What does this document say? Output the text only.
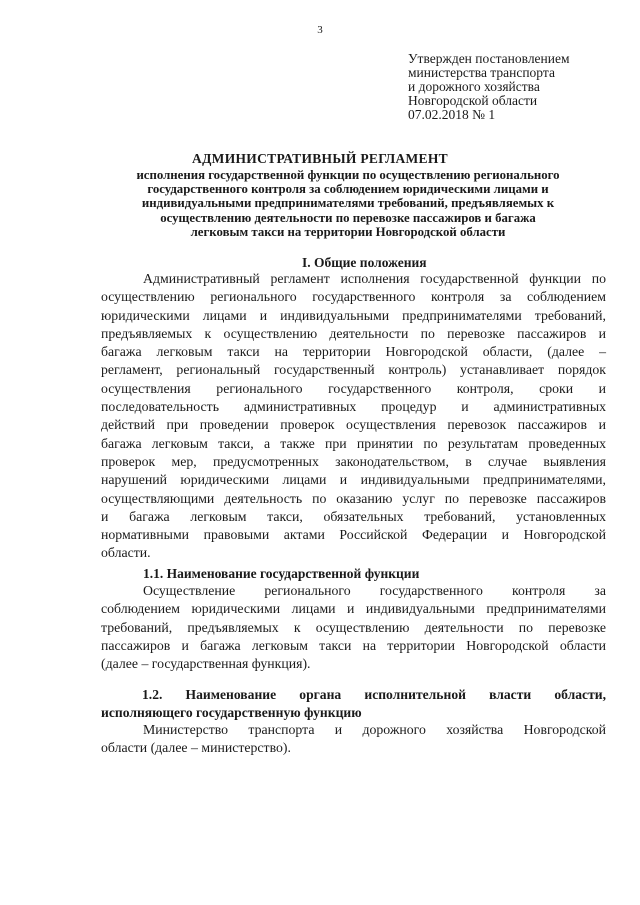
3
Утвержден постановлением
министерства транспорта
и дорожного хозяйства
Новгородской области
07.02.2018 № 1
АДМИНИСТРАТИВНЫЙ РЕГЛАМЕНТ
исполнения государственной функции по осуществлению регионального
государственного контроля за соблюдением юридическими лицами и
индивидуальными предпринимателями требований, предъявляемых к
осуществлению деятельности по перевозке пассажиров и багажа
легковым такси на территории Новгородской области
I. Общие положения
Административный регламент исполнения государственной функции по
осуществлению регионального государственного контроля за соблюдением
юридическими лицами и индивидуальными предпринимателями требований,
предъявляемых к осуществлению деятельности по перевозке пассажиров и
багажа легковым такси на территории Новгородской области, (далее –
регламент, региональный государственный контроль) устанавливает порядок
осуществления регионального государственного контроля, сроки и
последовательность административных процедур и административных
действий при проведении проверок осуществления перевозок пассажиров и
багажа легковым такси, а также при принятии по результатам проведенных
проверок мер, предусмотренных законодательством, в случае выявления
нарушений юридическими лицами и индивидуальными предпринимателями,
осуществляющими деятельность по оказанию услуг по перевозке пассажиров
и багажа легковым такси, обязательных требований, установленных
нормативными правовыми актами Российской Федерации и Новгородской
области.
1.1. Наименование государственной функции
Осуществление регионального государственного контроля за
соблюдением юридическими лицами и индивидуальными предпринимателями
требований, предъявляемых к осуществлению деятельности по перевозке
пассажиров и багажа легковым такси на территории Новгородской области
(далее – государственная функция).
1.2. Наименование органа исполнительной власти области,
исполняющего государственную функцию
Министерство транспорта и дорожного хозяйства Новгородской
области (далее – министерство).
